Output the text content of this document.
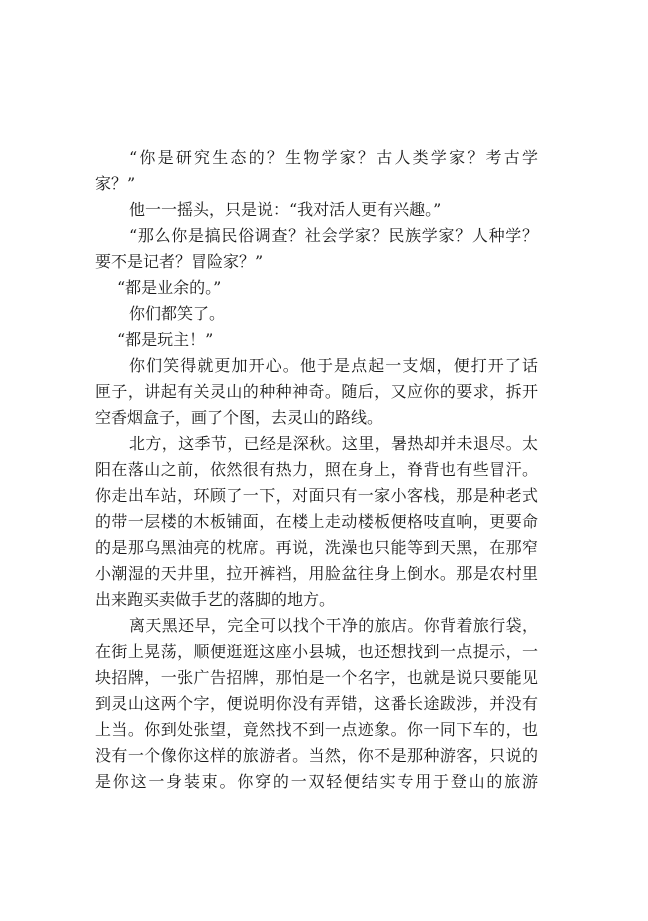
“你是研究生态的？生物学家？古人类学家？考古学
家？”

他一一摇头，只是说：“我对活人更有兴趣。”

“那么你是搞民俗调查？社会学家？民族学家？人种学？
要不是记者？冒险家？”

“都是业余的。”

你们都笑了。

“都是玩主！”

你们笑得就更加开心。他于是点起一支烟，便打开了话
匣子，讲起有关灵山的种种神奇。随后，又应你的要求，拆开
空香烟盒子，画了个图，去灵山的路线。

北方，这季节，已经是深秋。这里，暑热却并未退尽。太
阳在落山之前，依然很有热力，照在身上，脊背也有些冒汗。
你走出车站，环顾了一下，对面只有一家小客栈，那是种老式
的带一层楼的木板铺面，在楼上走动楼板便格吱直响，更要命
的是那乌黑油亮的枕席。再说，洗澡也只能等到天黑，在那窄
小潮湿的天井里，拉开裤裆，用脸盆往身上倒水。那是农村里
出来跑买卖做手艺的落脚的地方。

离天黑还早，完全可以找个干净的旅店。你背着旅行袋，
在街上晃荡，顺便逛逛这座小县城，也还想找到一点提示，一
块招牌，一张广告招牌，那怕是一个名字，也就是说只要能见
到灵山这两个字，便说明你没有弄错，这番长途跋涉，并没有
上当。你到处张望，竟然找不到一点迹象。你一同下车的，也
没有一个像你这样的旅游者。当然，你不是那种游客，只说的
是你这一身装束。你穿的一双轻便结实专用于登山的旅游
